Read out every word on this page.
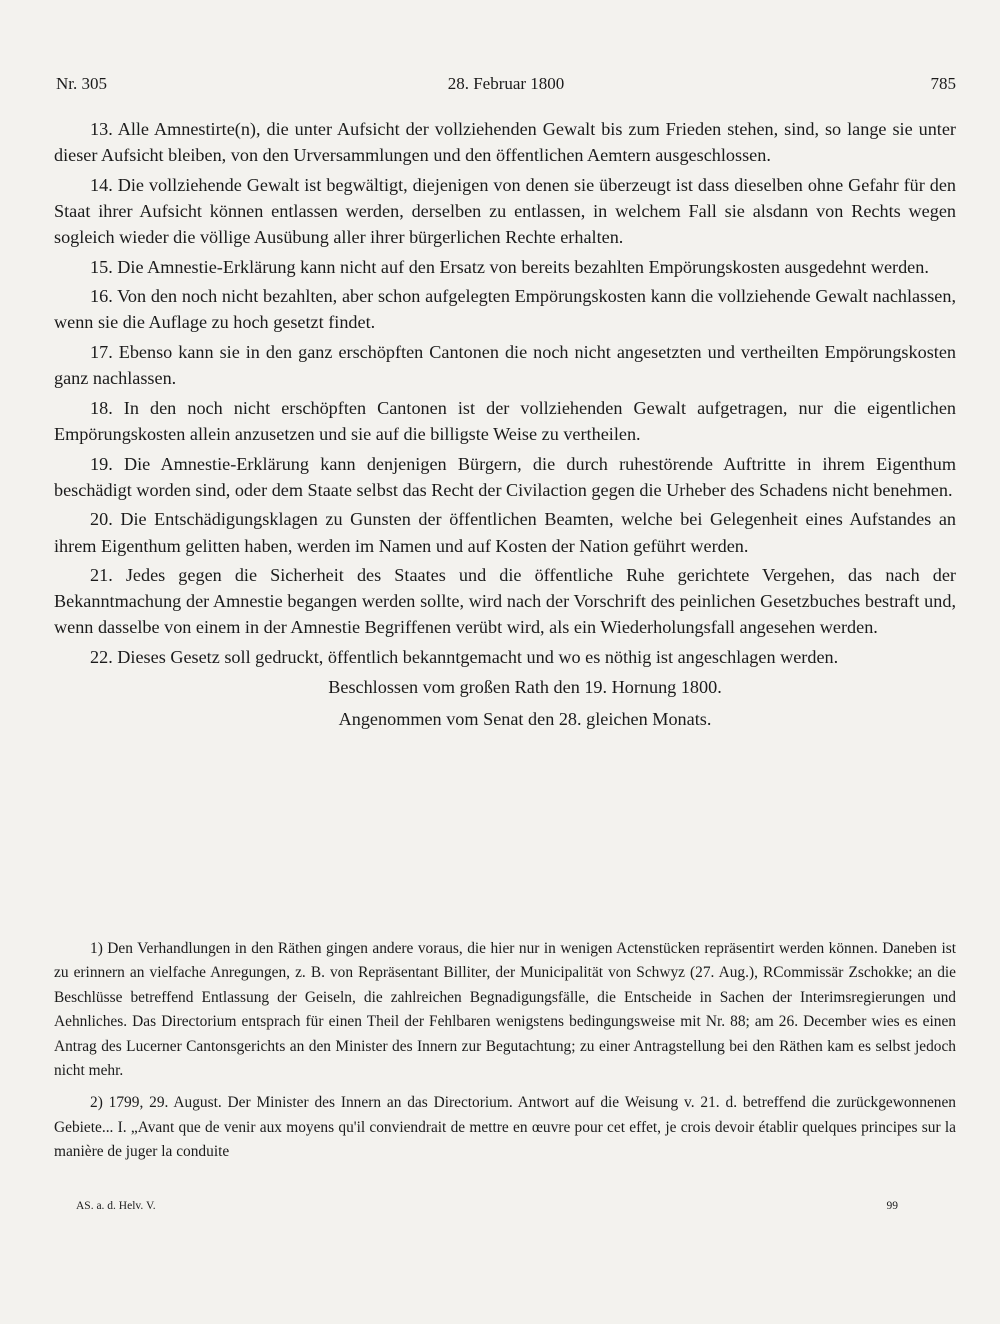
Nr. 305	28. Februar 1800	785

13. Alle Amnestirte(n), die unter Aufsicht der vollziehenden Gewalt bis zum Frieden stehen, sind, so lange sie unter dieser Aufsicht bleiben, von den Urversammlungen und den öffentlichen Aemtern ausgeschlossen.

14. Die vollziehende Gewalt ist begwältigt, diejenigen von denen sie überzeugt ist dass dieselben ohne Gefahr für den Staat ihrer Aufsicht können entlassen werden, derselben zu entlassen, in welchem Fall sie alsdann von Rechts wegen sogleich wieder die völlige Ausübung aller ihrer bürgerlichen Rechte erhalten.

15. Die Amnestie-Erklärung kann nicht auf den Ersatz von bereits bezahlten Empörungskosten ausgedehnt werden.

16. Von den noch nicht bezahlten, aber schon aufgelegten Empörungskosten kann die vollziehende Gewalt nachlassen, wenn sie die Auflage zu hoch gesetzt findet.

17. Ebenso kann sie in den ganz erschöpften Cantonen die noch nicht angesetzten und vertheilten Empörungskosten ganz nachlassen.

18. In den noch nicht erschöpften Cantonen ist der vollziehenden Gewalt aufgetragen, nur die eigentlichen Empörungskosten allein anzusetzen und sie auf die billigste Weise zu vertheilen.

19. Die Amnestie-Erklärung kann denjenigen Bürgern, die durch ruhestörende Auftritte in ihrem Eigenthum beschädigt worden sind, oder dem Staate selbst das Recht der Civilaction gegen die Urheber des Schadens nicht benehmen.

20. Die Entschädigungsklagen zu Gunsten der öffentlichen Beamten, welche bei Gelegenheit eines Aufstandes an ihrem Eigenthum gelitten haben, werden im Namen und auf Kosten der Nation geführt werden.

21. Jedes gegen die Sicherheit des Staates und die öffentliche Ruhe gerichtete Vergehen, das nach der Bekanntmachung der Amnestie begangen werden sollte, wird nach der Vorschrift des peinlichen Gesetzbuches bestraft und, wenn dasselbe von einem in der Amnestie Begriffenen verübt wird, als ein Wiederholungsfall angesehen werden.

22. Dieses Gesetz soll gedruckt, öffentlich bekanntgemacht und wo es nöthig ist angeschlagen werden.

Beschlossen vom großen Rath den 19. Hornung 1800.

Angenommen vom Senat den 28. gleichen Monats.

1) Den Verhandlungen in den Räthen gingen andere voraus, die hier nur in wenigen Actenstücken repräsentirt werden können. Daneben ist zu erinnern an vielfache Anregungen, z. B. von Repräsentant Billiter, der Municipalität von Schwyz (27. Aug.), RCommissär Zschokke; an die Beschlüsse betreffend Entlassung der Geiseln, die zahlreichen Begnadigungsfälle, die Entscheide in Sachen der Interimsregierungen und Aehnliches. Das Directorium entsprach für einen Theil der Fehlbaren wenigstens bedingungsweise mit Nr. 88; am 26. December wies es einen Antrag des Lucerner Cantonsgerichts an den Minister des Innern zur Begutachtung; zu einer Antragstellung bei den Räthen kam es selbst jedoch nicht mehr.

2) 1799, 29. August. Der Minister des Innern an das Directorium. Antwort auf die Weisung v. 21. d. betreffend die zurückgewonnenen Gebiete... I. „Avant que de venir aux moyens qu'il conviendrait de mettre en œuvre pour cet effet, je crois devoir établir quelques principes sur la manière de juger la conduite

AS. a. d. Helv. V.	99
